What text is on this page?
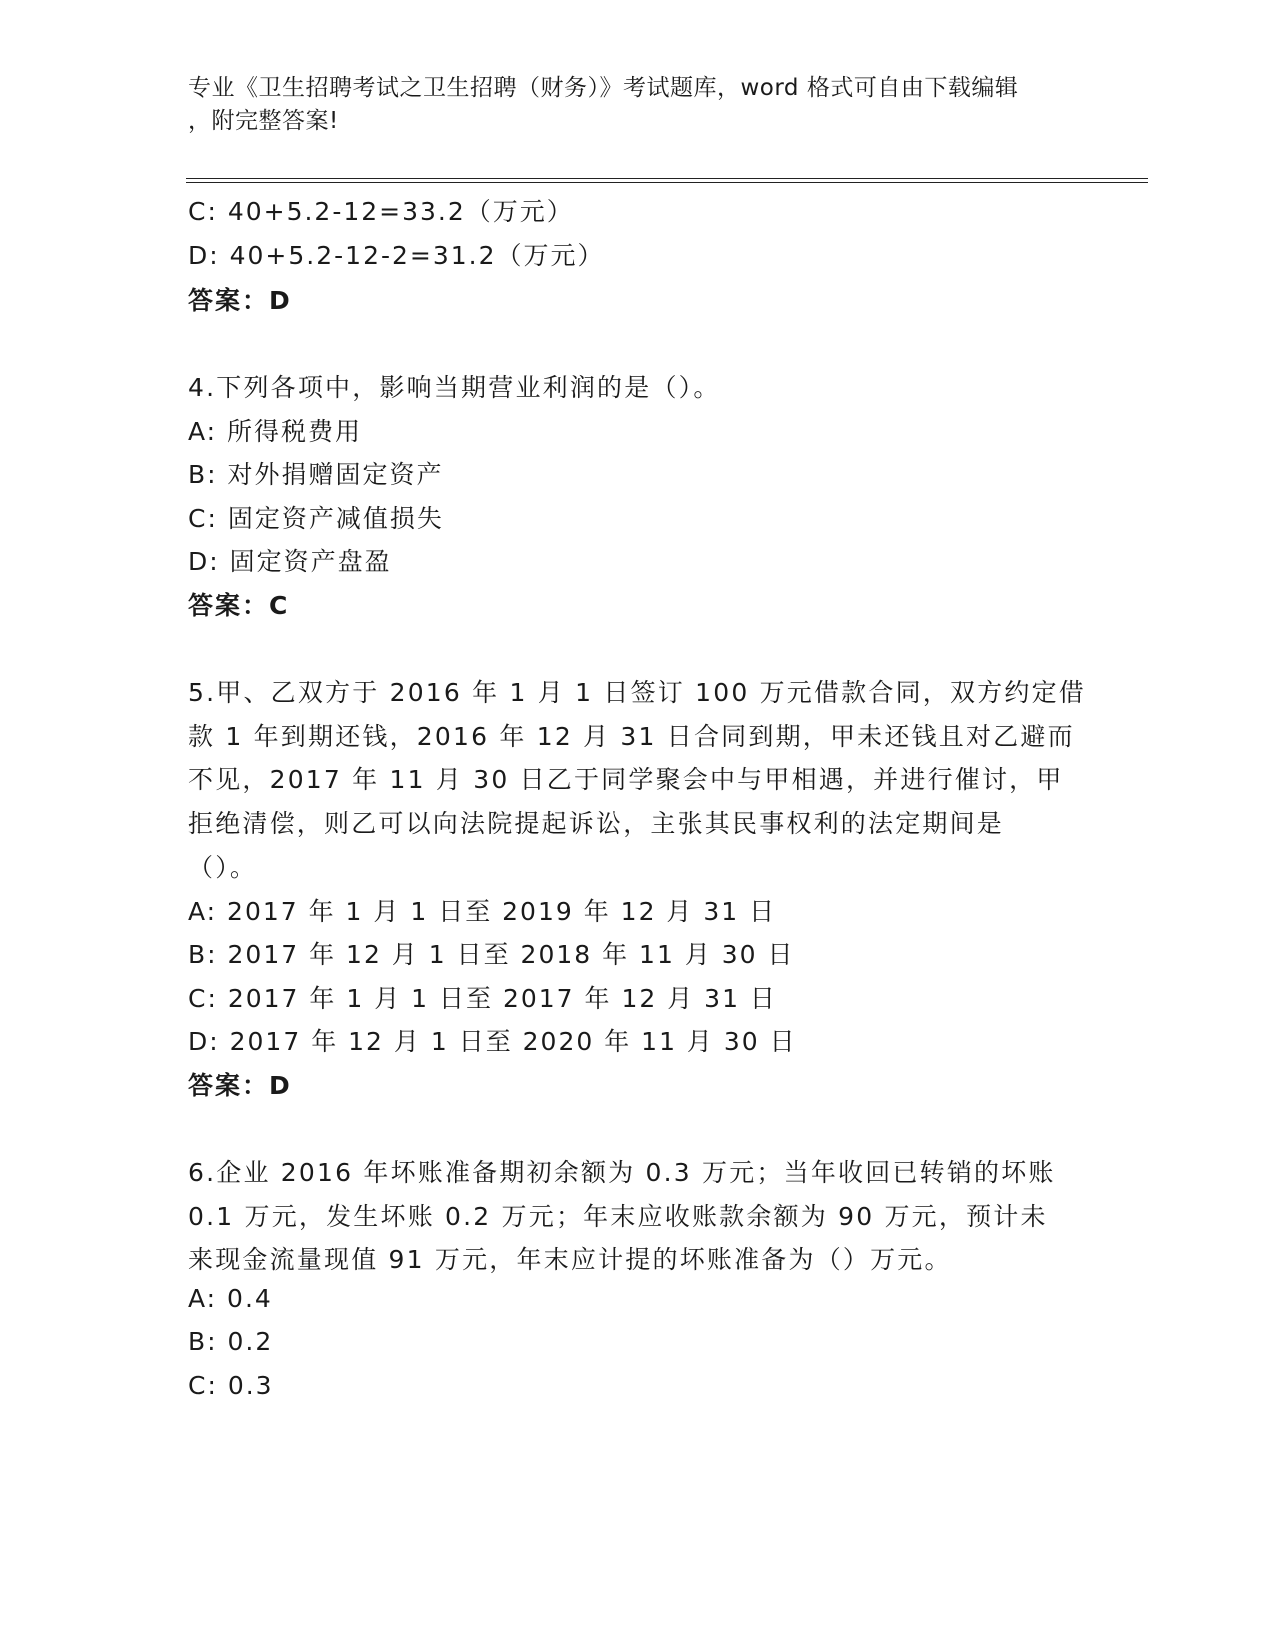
专业《卫生招聘考试之卫生招聘（财务）》考试题库，word 格式可自由下载编辑
，附完整答案!
C: 40+5.2-12=33.2（万元）
D: 40+5.2-12-2=31.2（万元）
答案：D
4.下列各项中，影响当期营业利润的是（）。
A: 所得税费用
B: 对外捐赠固定资产
C: 固定资产减值损失
D: 固定资产盘盈
答案：C
5.甲、乙双方于 2016 年 1 月 1 日签订 100 万元借款合同，双方约定借
款 1 年到期还钱，2016 年 12 月 31 日合同到期，甲未还钱且对乙避而
不见，2017 年 11 月 30 日乙于同学聚会中与甲相遇，并进行催讨，甲
拒绝清偿，则乙可以向法院提起诉讼，主张其民事权利的法定期间是
（）。
A: 2017 年 1 月 1 日至 2019 年 12 月 31 日
B: 2017 年 12 月 1 日至 2018 年 11 月 30 日
C: 2017 年 1 月 1 日至 2017 年 12 月 31 日
D: 2017 年 12 月 1 日至 2020 年 11 月 30 日
答案：D
6.企业 2016 年坏账准备期初余额为 0.3 万元；当年收回已转销的坏账
0.1 万元，发生坏账 0.2 万元；年末应收账款余额为 90 万元，预计未
来现金流量现值 91 万元，年末应计提的坏账准备为（）万元。
A: 0.4
B: 0.2
C: 0.3
